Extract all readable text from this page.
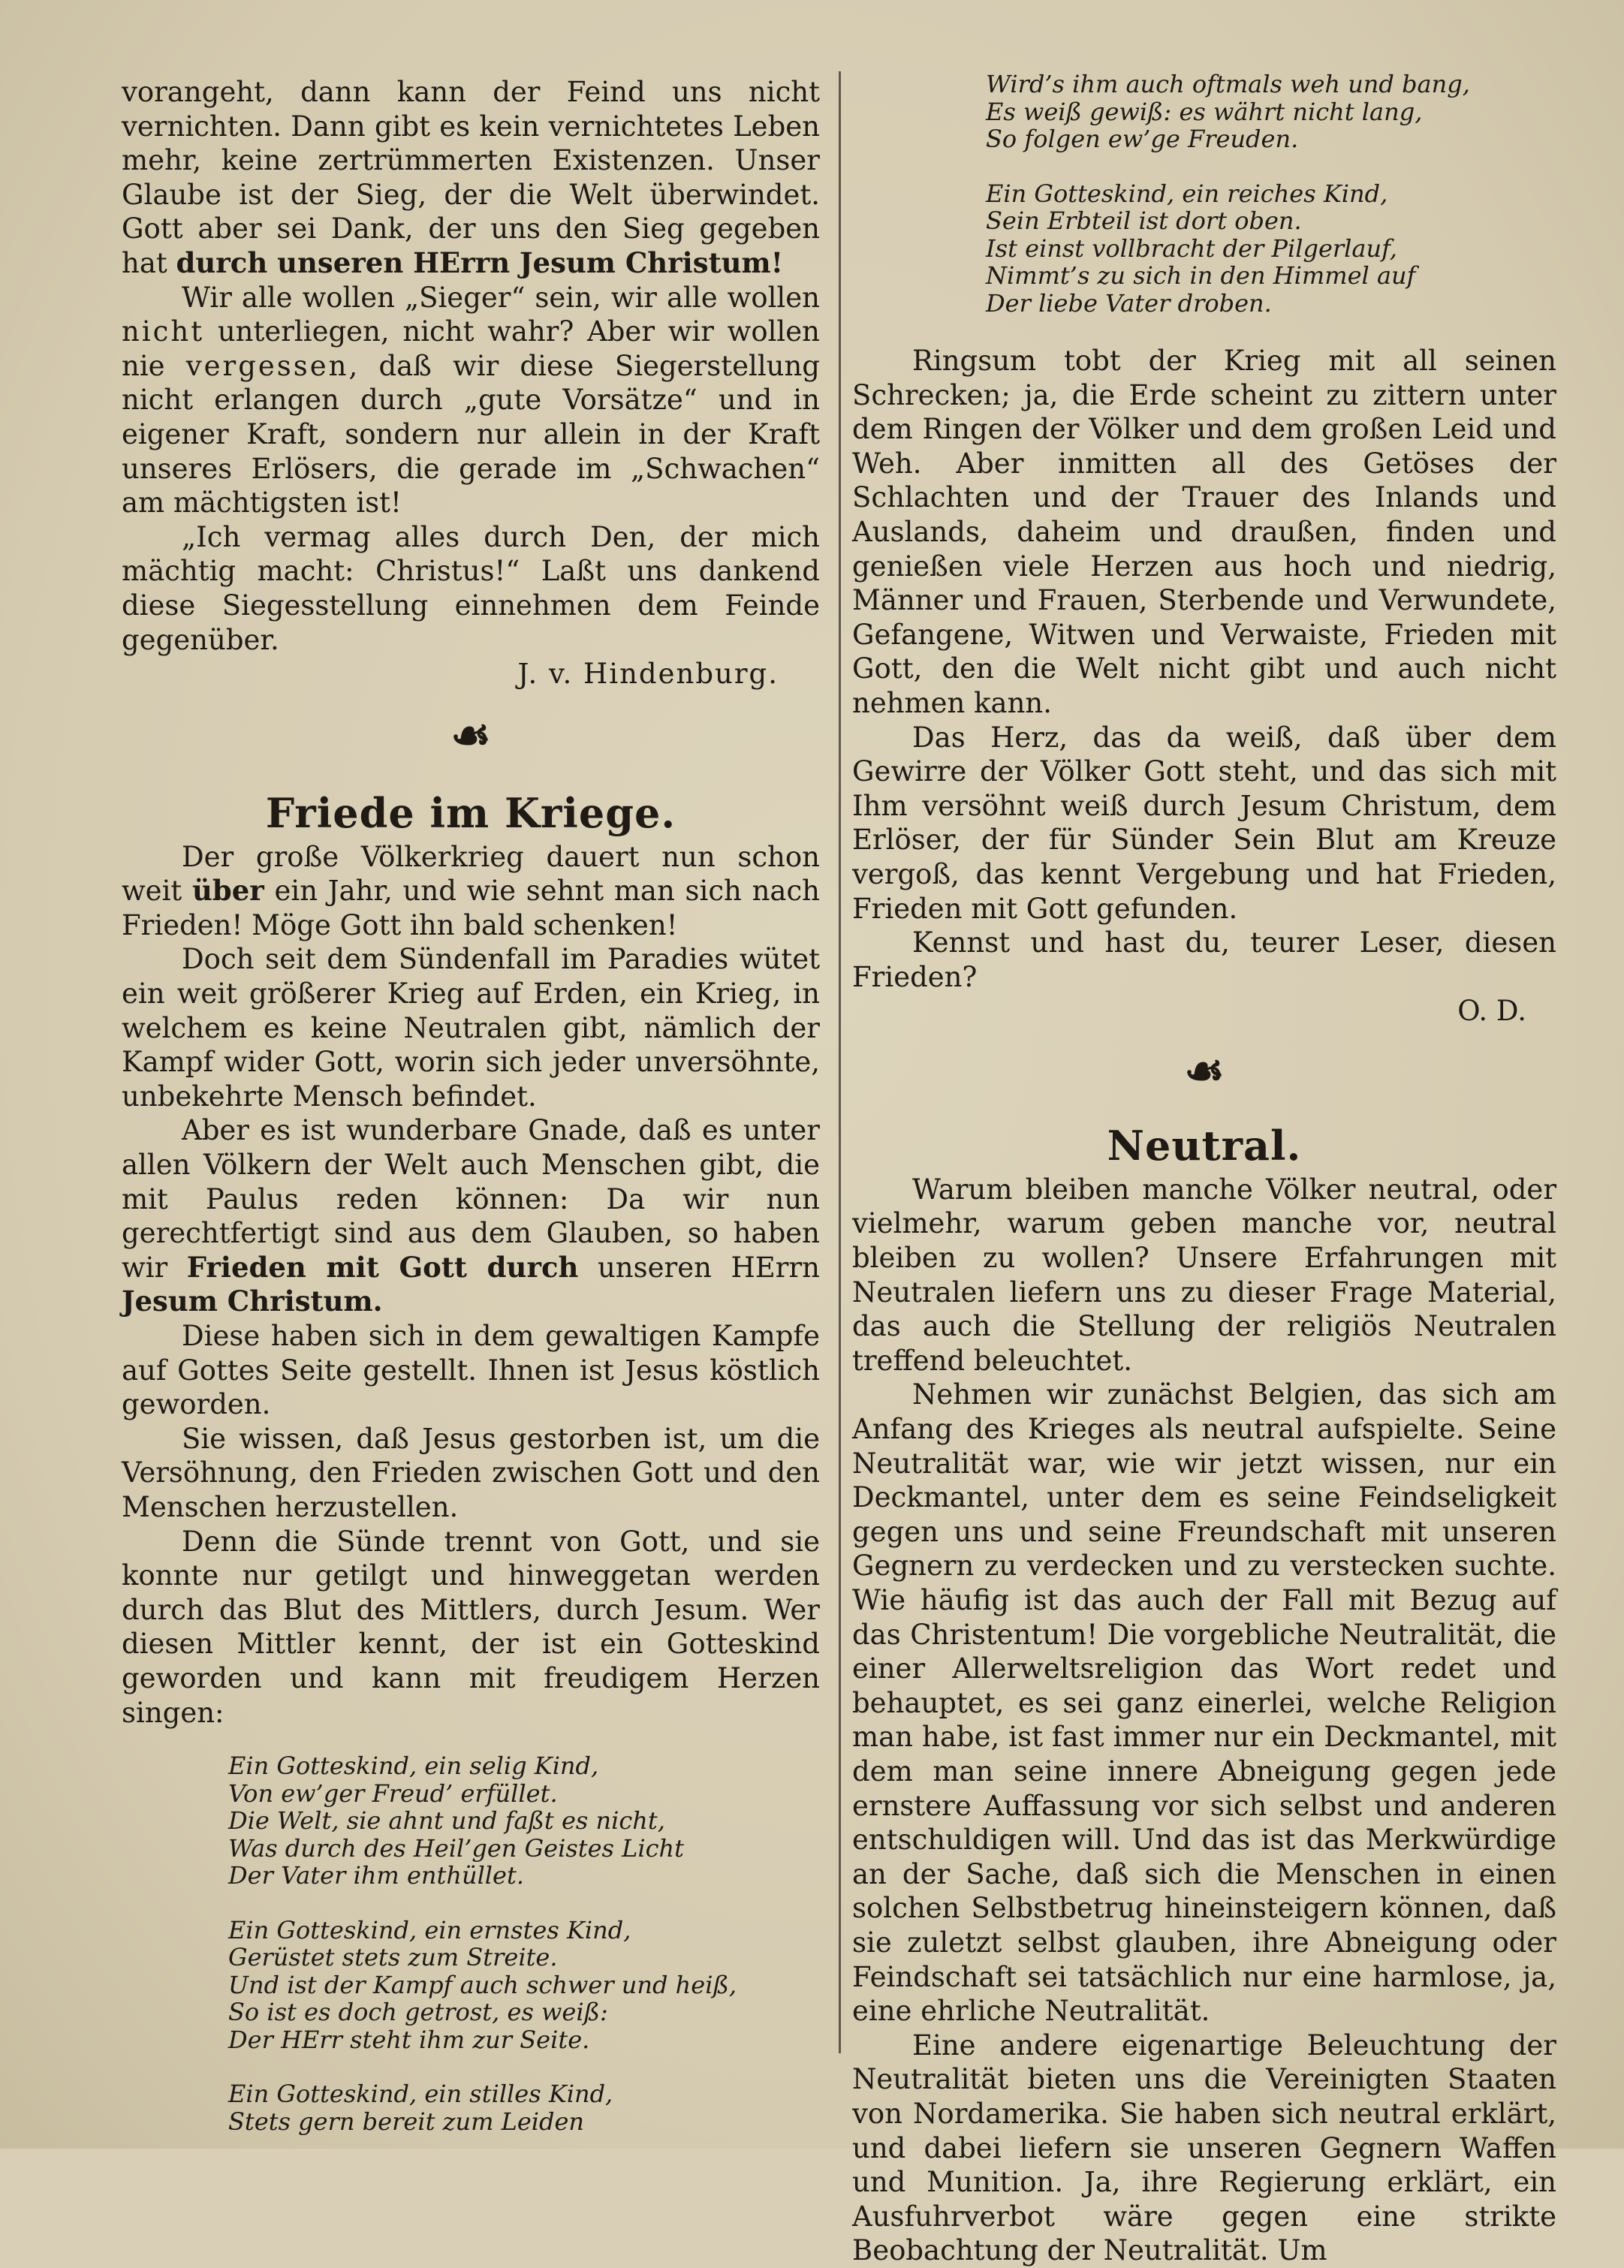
vorangeht, dann kann der Feind uns nicht vernichten. Dann gibt es kein vernichtetes Leben mehr, keine zertrümmerten Existenzen. Unser Glaube ist der Sieg, der die Welt überwindet. Gott aber sei Dank, der uns den Sieg gegeben hat durch unseren HErrn Jesum Christum!

Wir alle wollen „Sieger“ sein, wir alle wollen nicht unterliegen, nicht wahr? Aber wir wollen nie vergessen, daß wir diese Siegerstellung nicht erlangen durch „gute Vorsätze“ und in eigener Kraft, sondern nur allein in der Kraft unseres Erlösers, die gerade im „Schwachen“ am mächtigsten ist!

„Ich vermag alles durch Den, der mich mächtig macht: Christus!“ Laßt uns dankend diese Siegesstellung einnehmen dem Feinde gegenüber.

J. v. Hindenburg.

☙
Friede im Kriege.

Der große Völkerkrieg dauert nun schon weit über ein Jahr, und wie sehnt man sich nach Frieden! Möge Gott ihn bald schenken!

Doch seit dem Sündenfall im Paradies wütet ein weit größerer Krieg auf Erden, ein Krieg, in welchem es keine Neutralen gibt, nämlich der Kampf wider Gott, worin sich jeder unversöhnte, unbekehrte Mensch befindet.

Aber es ist wunderbare Gnade, daß es unter allen Völkern der Welt auch Menschen gibt, die mit Paulus reden können: Da wir nun gerechtfertigt sind aus dem Glauben, so haben wir Frieden mit Gott durch unseren HErrn Jesum Christum.

Diese haben sich in dem gewaltigen Kampfe auf Gottes Seite gestellt. Ihnen ist Jesus köstlich geworden.

Sie wissen, daß Jesus gestorben ist, um die Versöhnung, den Frieden zwischen Gott und den Menschen herzustellen.

Denn die Sünde trennt von Gott, und sie konnte nur getilgt und hinweggetan werden durch das Blut des Mittlers, durch Jesum. Wer diesen Mittler kennt, der ist ein Gotteskind geworden und kann mit freudigem Herzen singen:

Ein Gotteskind, ein selig Kind,
Von ew’ger Freud’ erfüllet.
Die Welt, sie ahnt und faßt es nicht,
Was durch des Heil’gen Geistes Licht
Der Vater ihm enthüllet.
Ein Gotteskind, ein ernstes Kind,
Gerüstet stets zum Streite.
Und ist der Kampf auch schwer und heiß,
So ist es doch getrost, es weiß:
Der HErr steht ihm zur Seite.
Ein Gotteskind, ein stilles Kind,
Stets gern bereit zum Leiden
Wird’s ihm auch oftmals weh und bang,
Es weiß gewiß: es währt nicht lang,
So folgen ew’ge Freuden.
Ein Gotteskind, ein reiches Kind,
Sein Erbteil ist dort oben.
Ist einst vollbracht der Pilgerlauf,
Nimmt’s zu sich in den Himmel auf
Der liebe Vater droben.

Ringsum tobt der Krieg mit all seinen Schrecken; ja, die Erde scheint zu zittern unter dem Ringen der Völker und dem großen Leid und Weh. Aber inmitten all des Getöses der Schlachten und der Trauer des Inlands und Auslands, daheim und draußen, finden und genießen viele Herzen aus hoch und niedrig, Männer und Frauen, Sterbende und Verwundete, Gefangene, Witwen und Verwaiste, Frieden mit Gott, den die Welt nicht gibt und auch nicht nehmen kann.

Das Herz, das da weiß, daß über dem Gewirre der Völker Gott steht, und das sich mit Ihm versöhnt weiß durch Jesum Christum, dem Erlöser, der für Sünder Sein Blut am Kreuze vergoß, das kennt Vergebung und hat Frieden, Frieden mit Gott gefunden.

Kennst und hast du, teurer Leser, diesen Frieden?

O. D.

☙
Neutral.

Warum bleiben manche Völker neutral, oder vielmehr, warum geben manche vor, neutral bleiben zu wollen? Unsere Erfahrungen mit Neutralen liefern uns zu dieser Frage Material, das auch die Stellung der religiös Neutralen treffend beleuchtet.

Nehmen wir zunächst Belgien, das sich am Anfang des Krieges als neutral aufspielte. Seine Neutralität war, wie wir jetzt wissen, nur ein Deckmantel, unter dem es seine Feindseligkeit gegen uns und seine Freundschaft mit unseren Gegnern zu verdecken und zu verstecken suchte. Wie häufig ist das auch der Fall mit Bezug auf das Christentum! Die vorgebliche Neutralität, die einer Allerweltsreligion das Wort redet und behauptet, es sei ganz einerlei, welche Religion man habe, ist fast immer nur ein Deckmantel, mit dem man seine innere Abneigung gegen jede ernstere Auffassung vor sich selbst und anderen entschuldigen will. Und das ist das Merkwürdige an der Sache, daß sich die Menschen in einen solchen Selbstbetrug hineinsteigern können, daß sie zuletzt selbst glauben, ihre Abneigung oder Feindschaft sei tatsächlich nur eine harmlose, ja, eine ehrliche Neutralität.

Eine andere eigenartige Beleuchtung der Neutralität bieten uns die Vereinigten Staaten von Nordamerika. Sie haben sich neutral erklärt, und dabei liefern sie unseren Gegnern Waffen und Munition. Ja, ihre Regierung erklärt, ein Ausfuhrverbot wäre gegen eine strikte Beobachtung der Neutralität. Um
